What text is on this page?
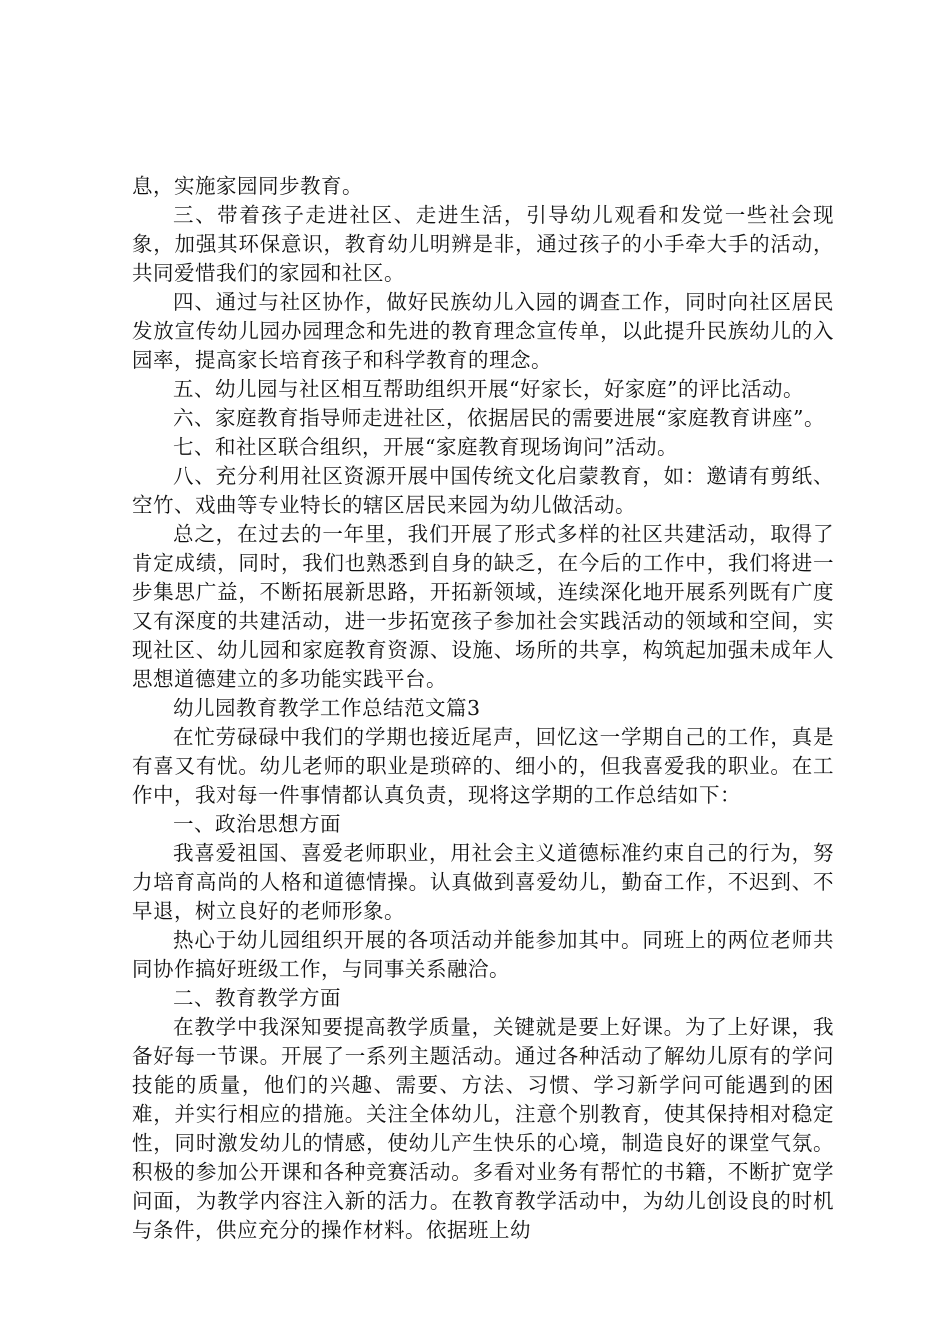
息，实施家园同步教育。

三、带着孩子走进社区、走进生活，引导幼儿观看和发觉一些社会现象，加强其环保意识，教育幼儿明辨是非，通过孩子的小手牵大手的活动，共同爱惜我们的家园和社区。

四、通过与社区协作，做好民族幼儿入园的调查工作，同时向社区居民发放宣传幼儿园办园理念和先进的教育理念宣传单，以此提升民族幼儿的入园率，提高家长培育孩子和科学教育的理念。

五、幼儿园与社区相互帮助组织开展“好家长，好家庭”的评比活动。

六、家庭教育指导师走进社区，依据居民的需要进展“家庭教育讲座”。

七、和社区联合组织，开展“家庭教育现场询问”活动。

八、充分利用社区资源开展中国传统文化启蒙教育，如：邀请有剪纸、空竹、戏曲等专业特长的辖区居民来园为幼儿做活动。

总之，在过去的一年里，我们开展了形式多样的社区共建活动，取得了肯定成绩，同时，我们也熟悉到自身的缺乏，在今后的工作中，我们将进一步集思广益，不断拓展新思路，开拓新领域，连续深化地开展系列既有广度又有深度的共建活动，进一步拓宽孩子参加社会实践活动的领域和空间，实现社区、幼儿园和家庭教育资源、设施、场所的共享，构筑起加强未成年人思想道德建立的多功能实践平台。

幼儿园教育教学工作总结范文篇3

在忙劳碌碌中我们的学期也接近尾声，回忆这一学期自己的工作，真是有喜又有忧。幼儿老师的职业是琐碎的、细小的，但我喜爱我的职业。在工作中，我对每一件事情都认真负责，现将这学期的工作总结如下：

一、政治思想方面

我喜爱祖国、喜爱老师职业，用社会主义道德标准约束自己的行为，努力培育高尚的人格和道德情操。认真做到喜爱幼儿，勤奋工作，不迟到、不早退，树立良好的老师形象。

热心于幼儿园组织开展的各项活动并能参加其中。同班上的两位老师共同协作搞好班级工作，与同事关系融洽。

二、教育教学方面

在教学中我深知要提高教学质量，关键就是要上好课。为了上好课，我备好每一节课。开展了一系列主题活动。通过各种活动了解幼儿原有的学问技能的质量，他们的兴趣、需要、方法、习惯、学习新学问可能遇到的困难，并实行相应的措施。关注全体幼儿，注意个别教育，使其保持相对稳定性，同时激发幼儿的情感，使幼儿产生快乐的心境，制造良好的课堂气氛。积极的参加公开课和各种竞赛活动。多看对业务有帮忙的书籍，不断扩宽学问面，为教学内容注入新的活力。在教育教学活动中，为幼儿创设良的时机与条件，供应充分的操作材料。依据班上幼
